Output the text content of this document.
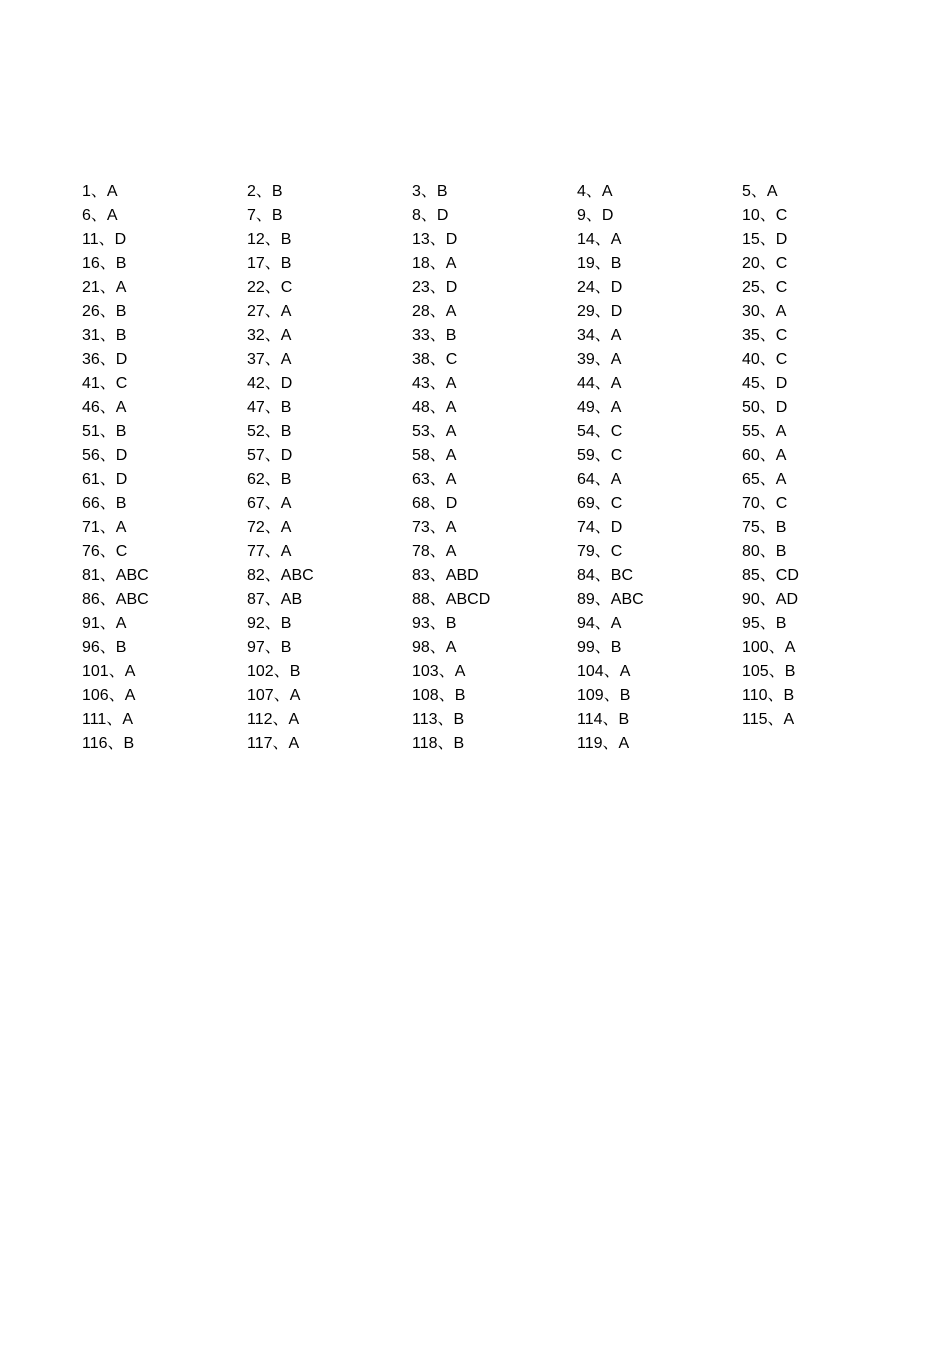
1、A	2、B	3、B	4、A	5、A
6、A	7、B	8、D	9、D	10、C
11、D	12、B	13、D	14、A	15、D
16、B	17、B	18、A	19、B	20、C
21、A	22、C	23、D	24、D	25、C
26、B	27、A	28、A	29、D	30、A
31、B	32、A	33、B	34、A	35、C
36、D	37、A	38、C	39、A	40、C
41、C	42、D	43、A	44、A	45、D
46、A	47、B	48、A	49、A	50、D
51、B	52、B	53、A	54、C	55、A
56、D	57、D	58、A	59、C	60、A
61、D	62、B	63、A	64、A	65、A
66、B	67、A	68、D	69、C	70、C
71、A	72、A	73、A	74、D	75、B
76、C	77、A	78、A	79、C	80、B
81、ABC	82、ABC	83、ABD	84、BC	85、CD
86、ABC	87、AB	88、ABCD	89、ABC	90、AD
91、A	92、B	93、B	94、A	95、B
96、B	97、B	98、A	99、B	100、A
101、A	102、B	103、A	104、A	105、B
106、A	107、A	108、B	109、B	110、B
111、A	112、A	113、B	114、B	115、A
116、B	117、A	118、B	119、A
